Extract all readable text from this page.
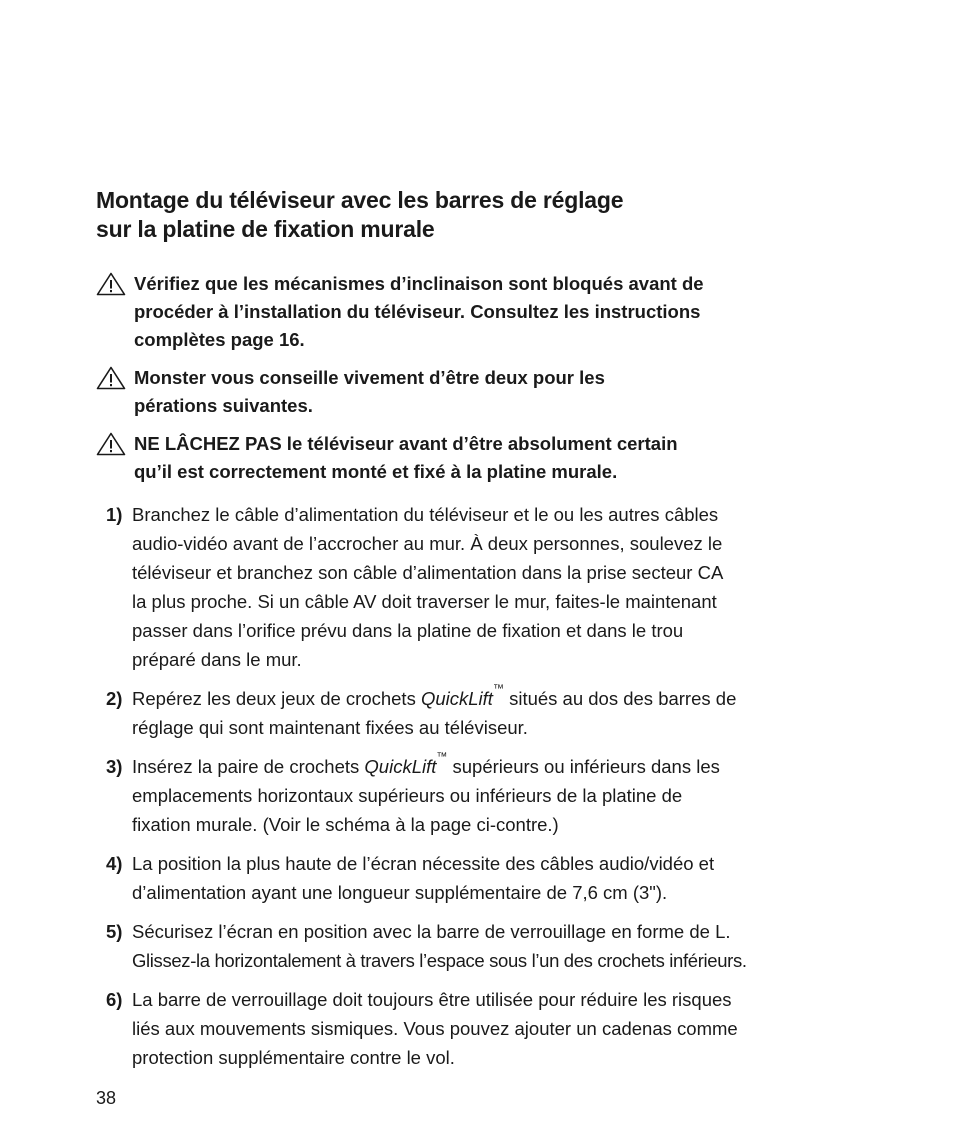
Montage du téléviseur avec les barres de réglage
sur la platine de fixation murale
Vérifiez que les mécanismes d’inclinaison sont bloqués avant de
procéder à l’installation du téléviseur. Consultez les instructions
complètes page 16.
Monster vous conseille vivement d’être deux pour les
pérations suivantes.
NE LÂCHEZ PAS le téléviseur avant d’être absolument certain
qu’il est correctement monté et fixé à la platine murale.
1) Branchez le câble d’alimentation du téléviseur et le ou les autres câbles
audio-vidéo avant de l’accrocher au mur. À deux personnes, soulevez le
téléviseur et branchez son câble d’alimentation dans la prise secteur CA
la plus proche. Si un câble AV doit traverser le mur, faites-le maintenant
passer dans l’orifice prévu dans la platine de fixation et dans le trou
préparé dans le mur.
2) Repérez les deux jeux de crochets QuickLift™ situés au dos des barres de
réglage qui sont maintenant fixées au téléviseur.
3) Insérez la paire de crochets QuickLift™ supérieurs ou inférieurs dans les
emplacements horizontaux supérieurs ou inférieurs de la platine de
fixation murale. (Voir le schéma à la page ci-contre.)
4) La position la plus haute de l’écran nécessite des câbles audio/vidéo et
d’alimentation ayant une longueur supplémentaire de 7,6 cm (3").
5) Sécurisez l’écran en position avec la barre de verrouillage en forme de L.
Glissez-la horizontalement à travers l’espace sous l’un des crochets inférieurs.
6) La barre de verrouillage doit toujours être utilisée pour réduire les risques
liés aux mouvements sismiques. Vous pouvez ajouter un cadenas comme
protection supplémentaire contre le vol.
38
